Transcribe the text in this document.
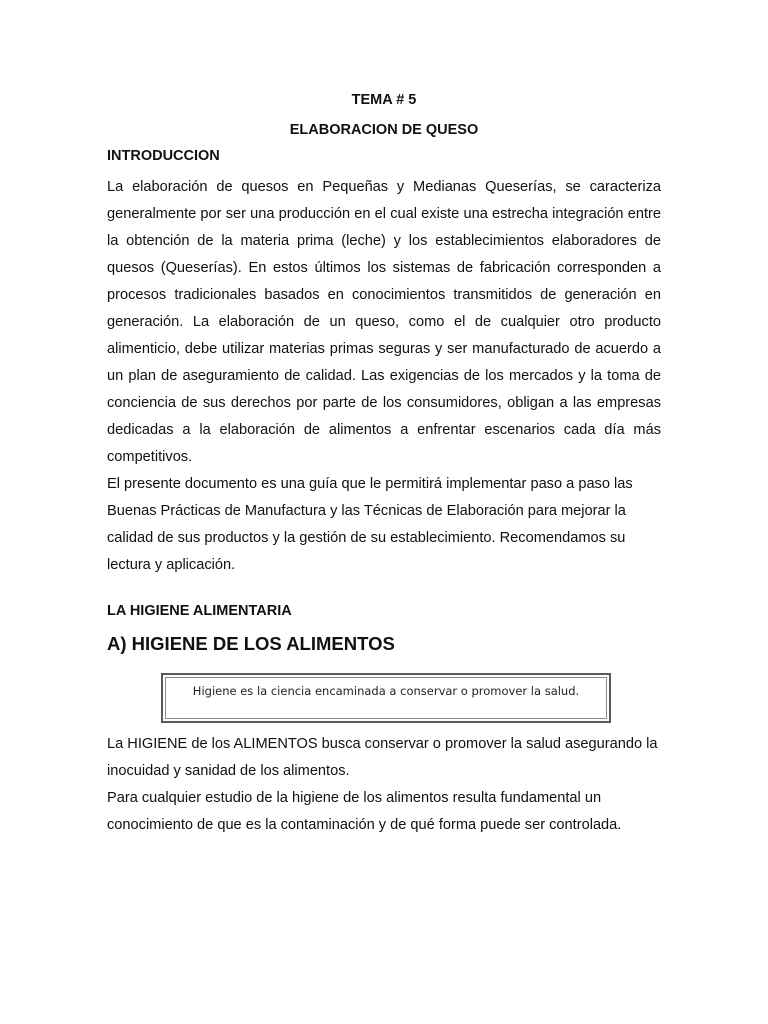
TEMA # 5

ELABORACION DE QUESO

INTRODUCCION

La elaboración de quesos en Pequeñas y Medianas Queserías, se caracteriza generalmente por ser una producción en el cual existe una estrecha integración entre la obtención de la materia prima (leche) y los establecimientos elaboradores de quesos (Queserías). En estos últimos los sistemas de fabricación corresponden a procesos tradicionales basados en conocimientos transmitidos de generación en generación. La elaboración de un queso, como el de cualquier otro producto alimenticio, debe utilizar materias primas seguras y ser manufacturado de acuerdo a un plan de aseguramiento de calidad. Las exigencias de los mercados y la toma de conciencia de sus derechos por parte de los consumidores, obligan a las empresas dedicadas a la elaboración de alimentos a enfrentar escenarios cada día más competitivos.

El presente documento es una guía que le permitirá implementar paso a paso las Buenas Prácticas de Manufactura y las Técnicas de Elaboración para mejorar la calidad de sus productos y la gestión de su establecimiento. Recomendamos su lectura y aplicación.

LA HIGIENE ALIMENTARIA

A) HIGIENE DE LOS ALIMENTOS

Higiene es la ciencia encaminada a conservar o promover la salud.

La HIGIENE de los ALIMENTOS busca conservar o promover la salud asegurando la inocuidad y sanidad de los alimentos.

Para cualquier estudio de la higiene de los alimentos resulta fundamental un conocimiento de que es la contaminación y de qué forma puede ser controlada.
